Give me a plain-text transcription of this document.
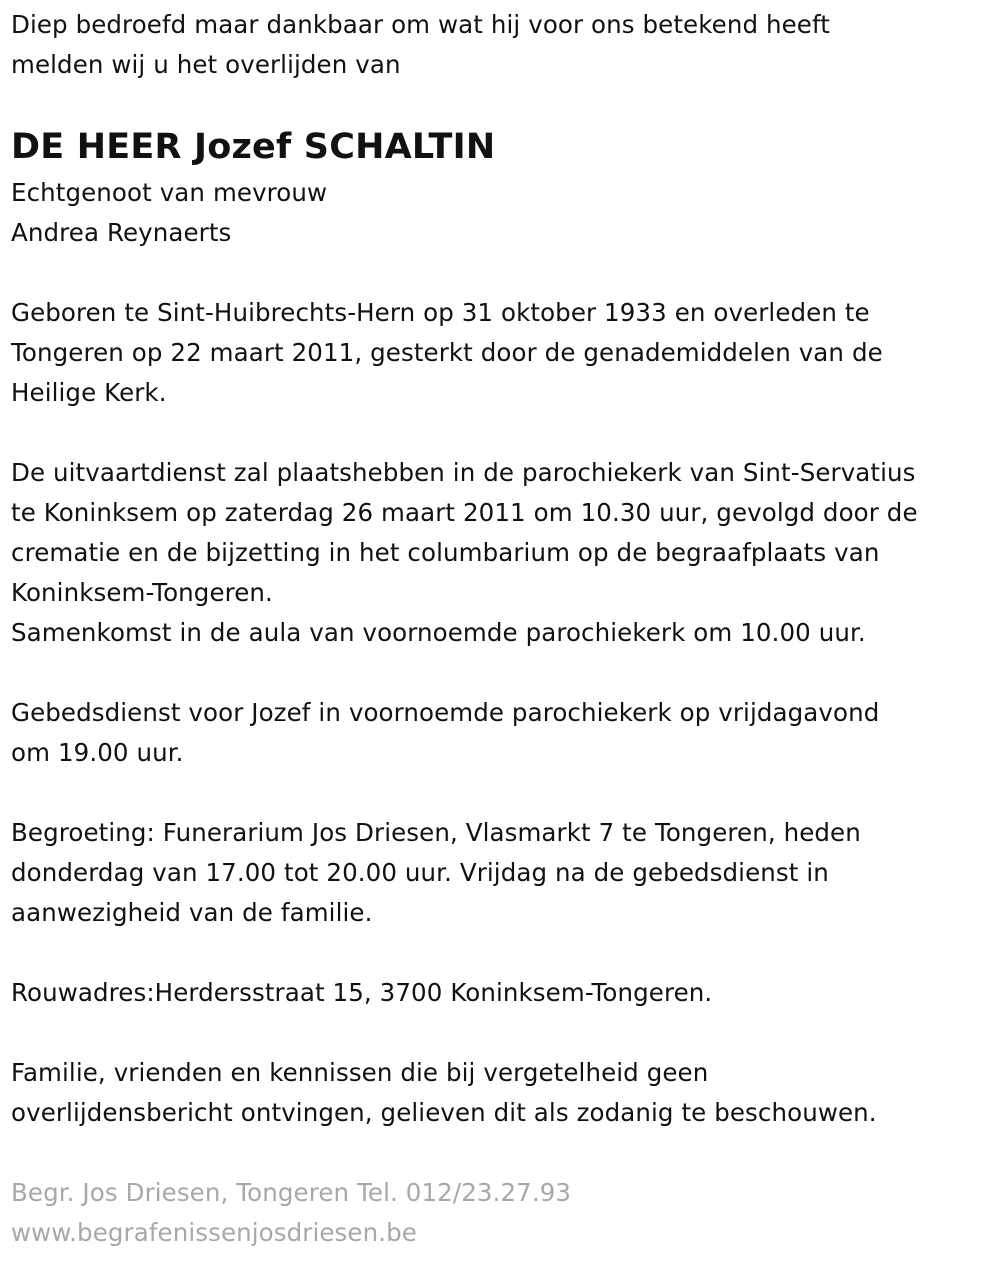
Diep bedroefd maar dankbaar om wat hij voor ons betekend heeft
melden wij u het overlijden van

DE HEER Jozef SCHALTIN

Echtgenoot van mevrouw
Andrea Reynaerts

Geboren te Sint-Huibrechts-Hern op 31 oktober 1933 en overleden te
Tongeren op 22 maart 2011, gesterkt door de genademiddelen van de
Heilige Kerk.

De uitvaartdienst zal plaatshebben in de parochiekerk van Sint-Servatius
te Koninksem op zaterdag 26 maart 2011 om 10.30 uur, gevolgd door de
crematie en de bijzetting in het columbarium op de begraafplaats van
Koninksem-Tongeren.

Samenkomst in de aula van voornoemde parochiekerk om 10.00 uur.

Gebedsdienst voor Jozef in voornoemde parochiekerk op vrijdagavond
om 19.00 uur.

Begroeting: Funerarium Jos Driesen, Vlasmarkt 7 te Tongeren, heden
donderdag van 17.00 tot 20.00 uur. Vrijdag na de gebedsdienst in
aanwezigheid van de familie.

Rouwadres:Herdersstraat 15, 3700 Koninksem-Tongeren.

Familie, vrienden en kennissen die bij vergetelheid geen
overlijdensbericht ontvingen, gelieven dit als zodanig te beschouwen.

Begr. Jos Driesen, Tongeren Tel. 012/23.27.93

www.begrafenissenjosdriesen.be
